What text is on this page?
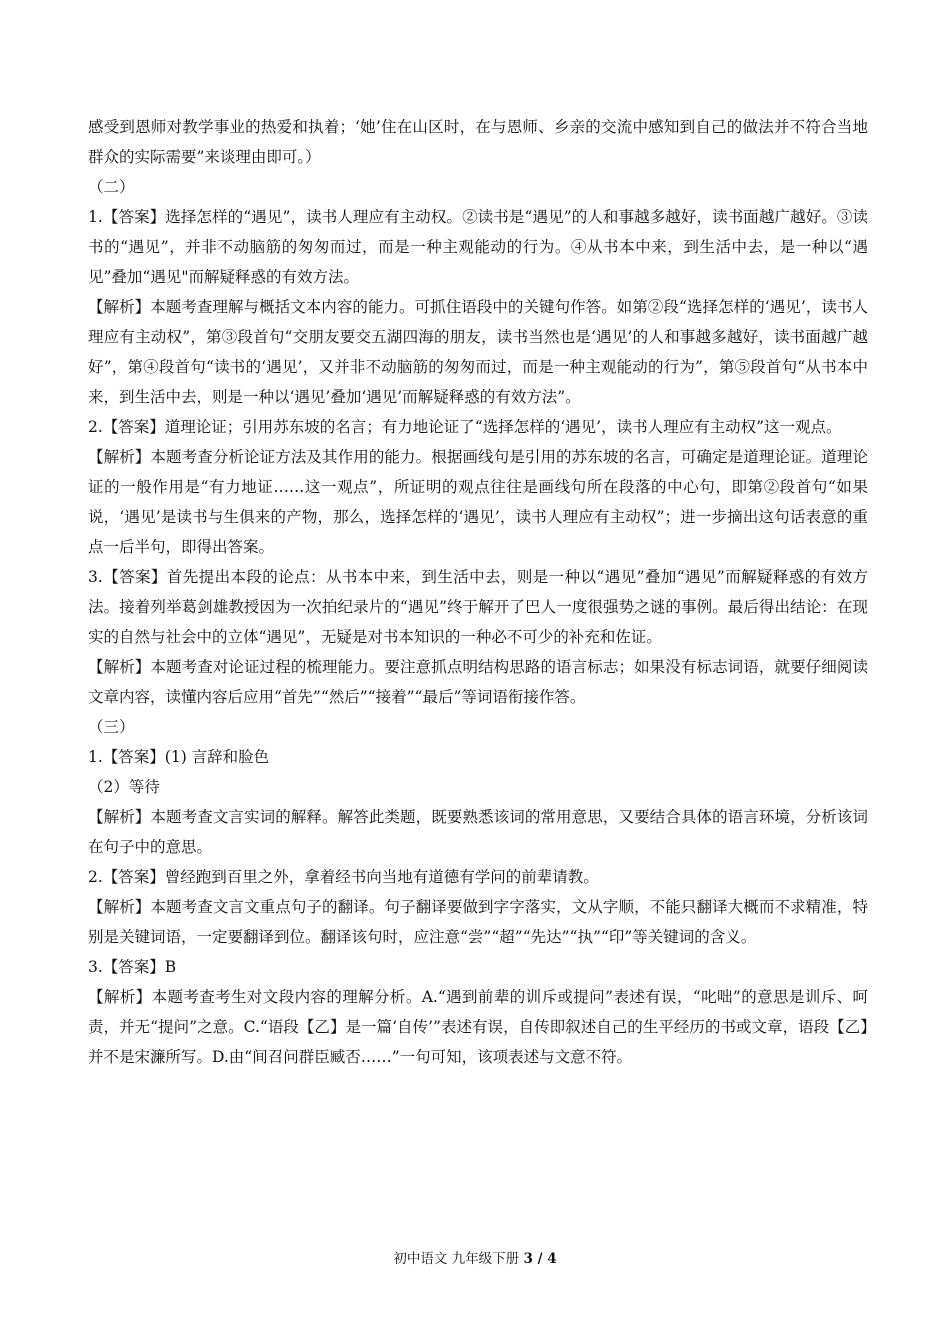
感受到恩师对教学事业的热爱和执着；‘她’住在山区时，在与恩师、乡亲的交流中感知到自己的做法并不符合当地群众的实际需要”来谈理由即可。）

（二）

1.【答案】选择怎样的“遇见”，读书人理应有主动权。②读书是“遇见”的人和事越多越好，读书面越广越好。③读书的“遇见”，并非不动脑筋的匆匆而过，而是一种主观能动的行为。④从书本中来，到生活中去，是一种以“遇见”叠加“遇见"而解疑释惑的有效方法。

【解析】本题考查理解与概括文本内容的能力。可抓住语段中的关键句作答。如第②段“选择怎样的‘遇见’，读书人理应有主动权”，第③段首句“交朋友要交五湖四海的朋友，读书当然也是‘遇见’的人和事越多越好，读书面越广越好”，第④段首句“读书的‘遇见’，又并非不动脑筋的匆匆而过，而是一种主观能动的行为”，第⑤段首句“从书本中来，到生活中去，则是一种以‘遇见’叠加‘遇见’而解疑释惑的有效方法”。

2.【答案】道理论证；引用苏东坡的名言；有力地论证了“选择怎样的‘遇见’，读书人理应有主动权”这一观点。

【解析】本题考查分析论证方法及其作用的能力。根据画线句是引用的苏东坡的名言，可确定是道理论证。道理论证的一般作用是“有力地证……这一观点”，所证明的观点往往是画线句所在段落的中心句，即第②段首句“如果说，‘遇见’是读书与生俱来的产物，那么，选择怎样的‘遇见’，读书人理应有主动权”；进一步摘出这句话表意的重点一后半句，即得出答案。

3.【答案】首先提出本段的论点：从书本中来，到生活中去，则是一种以“遇见”叠加“遇见”而解疑释惑的有效方法。接着列举葛剑雄教授因为一次拍纪录片的“遇见”终于解开了巴人一度很强势之谜的事例。最后得出结论：在现实的自然与社会中的立体“遇见”，无疑是对书本知识的一种必不可少的补充和佐证。

【解析】本题考查对论证过程的梳理能力。要注意抓点明结构思路的语言标志；如果没有标志词语，就要仔细阅读文章内容，读懂内容后应用“首先”“然后”“接着”“最后”等词语衔接作答。

（三）

1.【答案】(1) 言辞和脸色

（2）等待

【解析】本题考查文言实词的解释。解答此类题，既要熟悉该词的常用意思，又要结合具体的语言环境，分析该词在句子中的意思。

2.【答案】曾经跑到百里之外，拿着经书向当地有道德有学问的前辈请教。

【解析】本题考查文言文重点句子的翻译。句子翻译要做到字字落实，文从字顺，不能只翻译大概而不求精准，特别是关键词语，一定要翻译到位。翻译该句时，应注意“尝”“超”“先达”“执”“印”等关键词的含义。

3.【答案】B

【解析】本题考查考生对文段内容的理解分析。A.“遇到前辈的训斥或提问”表述有误，“叱咄”的意思是训斥、呵责，并无“提问”之意。C.“语段【乙】是一篇‘自传’”表述有误，自传即叙述自己的生平经历的书或文章，语段【乙】并不是宋濂所写。D.由“间召问群臣臧否……”一句可知，该项表述与文意不符。

初中语文 九年级下册 3 / 4
